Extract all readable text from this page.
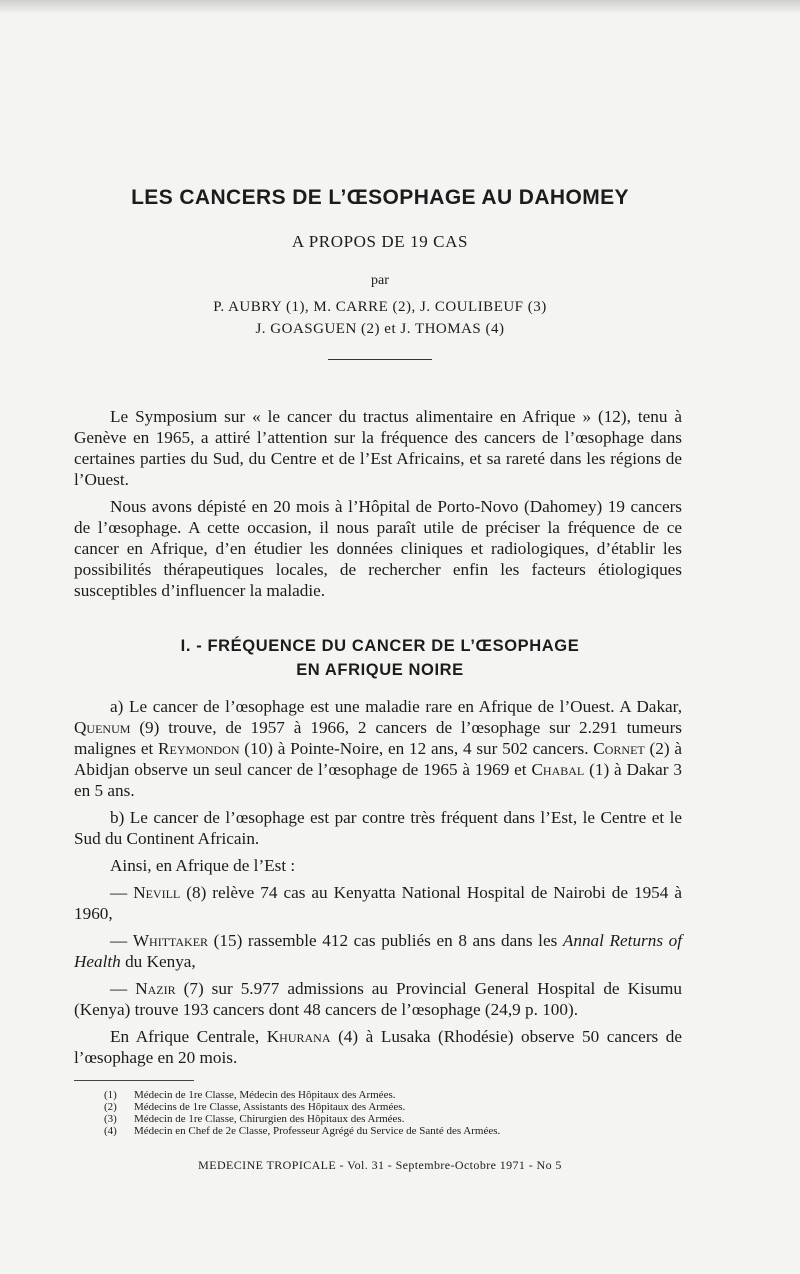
LES CANCERS DE L’ŒSOPHAGE AU DAHOMEY
A PROPOS DE 19 CAS
par
P. AUBRY (1), M. CARRE (2), J. COULIBEUF (3)
J. GOASGUEN (2) et J. THOMAS (4)

Le Symposium sur « le cancer du tractus alimentaire en Afrique » (12), tenu à Genève en 1965, a attiré l’attention sur la fréquence des cancers de l’œsophage dans certaines parties du Sud, du Centre et de l’Est Africains, et sa rareté dans les régions de l’Ouest.

Nous avons dépisté en 20 mois à l’Hôpital de Porto-Novo (Dahomey) 19 cancers de l’œsophage. A cette occasion, il nous paraît utile de préciser la fréquence de ce cancer en Afrique, d’en étudier les données cliniques et radiologiques, d’établir les possibilités thérapeutiques locales, de rechercher enfin les facteurs étiologiques susceptibles d’influencer la maladie.

I. - FRÉQUENCE DU CANCER DE L’ŒSOPHAGE
EN AFRIQUE NOIRE

a) Le cancer de l’œsophage est une maladie rare en Afrique de l’Ouest. A Dakar, Quenum (9) trouve, de 1957 à 1966, 2 cancers de l’œsophage sur 2.291 tumeurs malignes et Reymondon (10) à Pointe-Noire, en 12 ans, 4 sur 502 cancers. Cornet (2) à Abidjan observe un seul cancer de l’œsophage de 1965 à 1969 et Chabal (1) à Dakar 3 en 5 ans.

b) Le cancer de l’œsophage est par contre très fréquent dans l’Est, le Centre et le Sud du Continent Africain.

Ainsi, en Afrique de l’Est :

— Nevill (8) relève 74 cas au Kenyatta National Hospital de Nairobi de 1954 à 1960,

— Whittaker (15) rassemble 412 cas publiés en 8 ans dans les Annal Returns of Health du Kenya,

— Nazir (7) sur 5.977 admissions au Provincial General Hospital de Kisumu (Kenya) trouve 193 cancers dont 48 cancers de l’œsophage (24,9 p. 100).

En Afrique Centrale, Khurana (4) à Lusaka (Rhodésie) observe 50 cancers de l’œsophage en 20 mois.

(1) Médecin de 1re Classe, Médecin des Hôpitaux des Armées.
(2) Médecins de 1re Classe, Assistants des Hôpitaux des Armées.
(3) Médecin de 1re Classe, Chirurgien des Hôpitaux des Armées.
(4) Médecin en Chef de 2e Classe, Professeur Agrégé du Service de Santé des Armées.
MEDECINE TROPICALE - Vol. 31 - Septembre-Octobre 1971 - No 5
